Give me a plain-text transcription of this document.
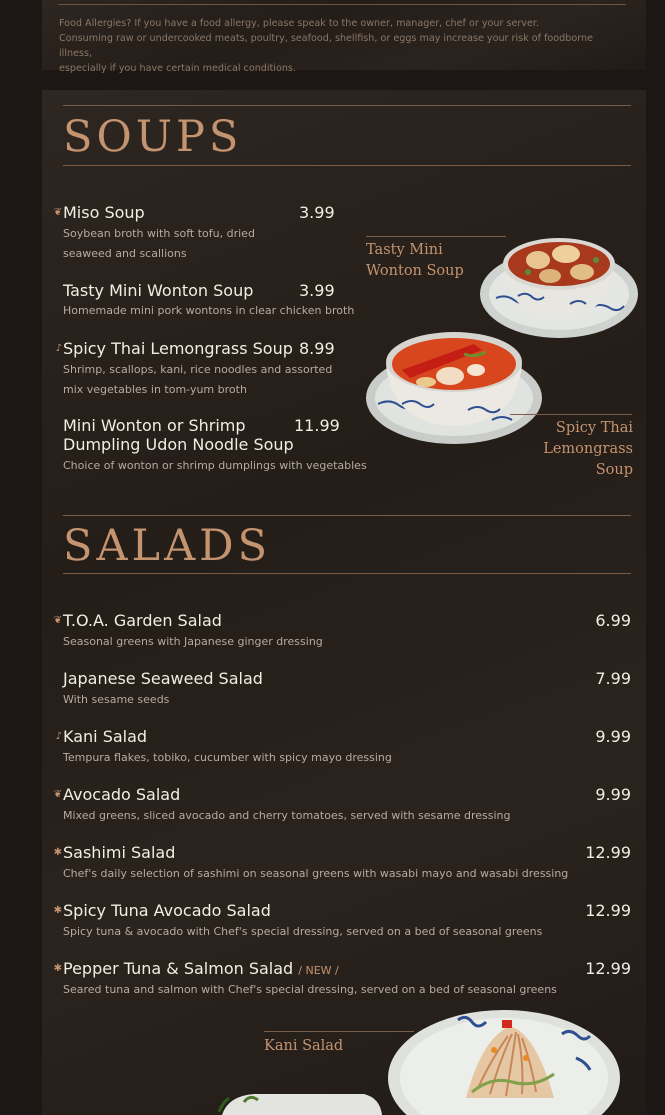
Food Allergies? If you have a food allergy, please speak to the owner, manager, chef or your server.

Consuming raw or undercooked meats, poultry, seafood, shellfish, or eggs may increase your risk of foodborne illness,

especially if you have certain medical conditions.

SOUPS
❦ Miso Soup	3.99
Soybean broth with soft tofu, dried seaweed and scallions
Tasty Mini Wonton Soup	3.99
Homemade mini pork wontons in clear chicken broth
♪ Spicy Thai Lemongrass Soup 8.99
Shrimp, scallops, kani, rice noodles and assorted mix vegetables in tom-yum broth
Mini Wonton or Shrimp Dumpling Udon Noodle Soup
11.99
Choice of wonton or shrimp dumplings with vegetables
Tasty Mini Wonton Soup
Spicy Thai Lemongrass Soup
SALADS
❦ T.O.A. Garden Salad	6.99
Seasonal greens with Japanese ginger dressing
Japanese Seaweed Salad	7.99
With sesame seeds
♪ Kani Salad	9.99
Tempura flakes, tobiko, cucumber with spicy mayo dressing
❦ Avocado Salad	9.99
Mixed greens, sliced avocado and cherry tomatoes, served with sesame dressing
✱ Sashimi Salad	12.99
Chef's daily selection of sashimi on seasonal greens with wasabi mayo and wasabi dressing
✱ Spicy Tuna Avocado Salad	12.99
Spicy tuna & avocado with Chef's special dressing, served on a bed of seasonal greens
✱ Pepper Tuna & Salmon Salad / NEW /	12.99
Seared tuna and salmon with Chef's special dressing, served on a bed of seasonal greens
Kani Salad
